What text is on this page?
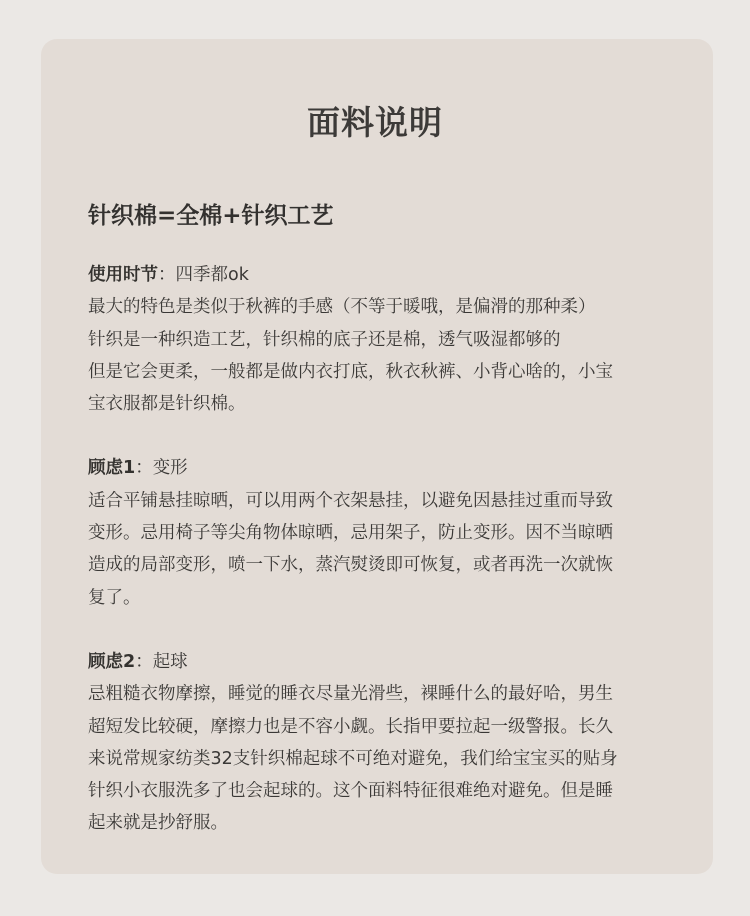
面料说明
针织棉=全棉+针织工艺

使用时节：四季都ok

最大的特色是类似于秋裤的手感（不等于暖哦，是偏滑的那种柔）

针织是一种织造工艺，针织棉的底子还是棉，透气吸湿都够的

但是它会更柔，一般都是做内衣打底，秋衣秋裤、小背心啥的，小宝

宝衣服都是针织棉。

顾虑1：变形

适合平铺悬挂晾晒，可以用两个衣架悬挂，以避免因悬挂过重而导致

变形。忌用椅子等尖角物体晾晒，忌用架子，防止变形。因不当晾晒

造成的局部变形，喷一下水，蒸汽熨烫即可恢复，或者再洗一次就恢

复了。

顾虑2：起球

忌粗糙衣物摩擦，睡觉的睡衣尽量光滑些，裸睡什么的最好哈，男生

超短发比较硬，摩擦力也是不容小觑。长指甲要拉起一级警报。长久

来说常规家纺类32支针织棉起球不可绝对避免，我们给宝宝买的贴身

针织小衣服洗多了也会起球的。这个面料特征很难绝对避免。但是睡

起来就是抄舒服。
